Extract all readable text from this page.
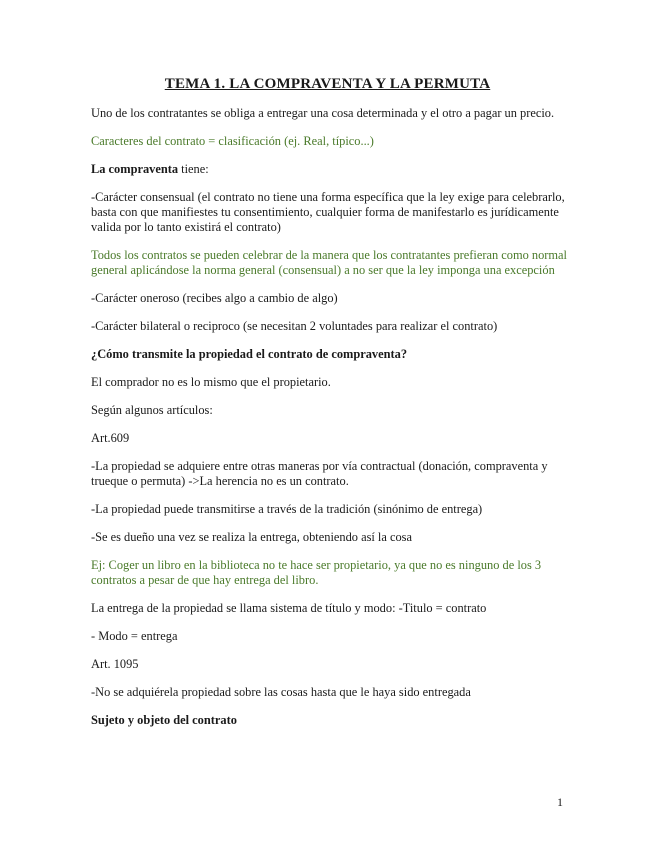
TEMA 1. LA COMPRAVENTA Y LA PERMUTA

Uno de los contratantes se obliga a entregar una cosa determinada y el otro a pagar un precio.

Caracteres del contrato = clasificación (ej. Real, típico...)

La compraventa tiene:

-Carácter consensual (el contrato no tiene una forma específica que la ley exige para celebrarlo, basta con que manifiestes tu consentimiento, cualquier forma de manifestarlo es jurídicamente valida por lo tanto existirá el contrato)

Todos los contratos se pueden celebrar de la manera que los contratantes prefieran como normal general aplicándose la norma general (consensual) a no ser que la ley imponga una excepción

-Carácter oneroso (recibes algo a cambio de algo)

-Carácter bilateral o reciproco (se necesitan 2 voluntades para realizar el contrato)

¿Cómo transmite la propiedad el contrato de compraventa?

El comprador no es lo mismo que el propietario.

Según algunos artículos:

Art.609

-La propiedad se adquiere entre otras maneras por vía contractual (donación, compraventa y trueque o permuta) ->La herencia no es un contrato.

-La propiedad puede transmitirse a través de la tradición (sinónimo de entrega)

-Se es dueño una vez se realiza la entrega, obteniendo así la cosa

Ej: Coger un libro en la biblioteca no te hace ser propietario, ya que no es ninguno de los 3 contratos a pesar de que hay entrega del libro.

La entrega de la propiedad se llama sistema de título y modo: -Titulo = contrato

- Modo = entrega

Art. 1095

-No se adquiérela propiedad sobre las cosas hasta que le haya sido entregada

Sujeto y objeto del contrato

1
